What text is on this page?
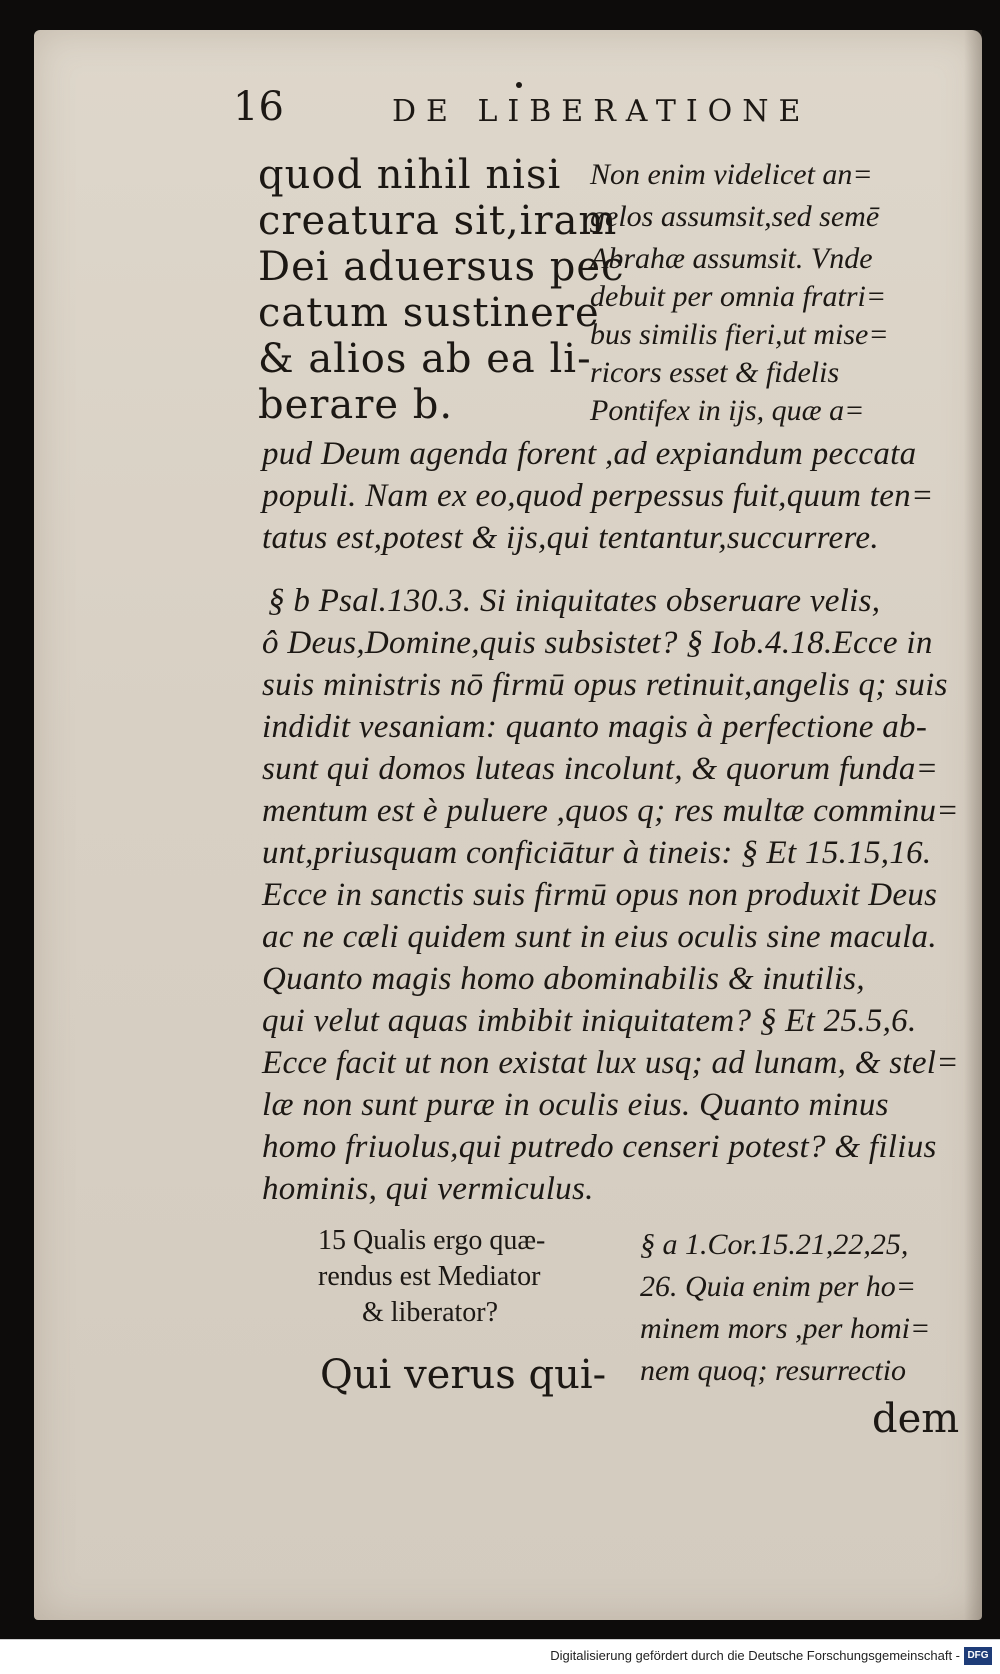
16	DE LIBERATIONE
quod nihil nisi
creatura sit,iram
Dei aduersus pec
catum sustinere
& alios ab ea li-
berare b.
Non enim videlicet an=
gelos assumsit,sed semē
Abrahæ assumsit. Vnde
debuit per omnia fratri=
bus similis fieri,ut mise=
ricors esset & fidelis
Pontifex in ijs, quæ a=
pud Deum agenda forent ,ad expiandum peccata
populi. Nam ex eo,quod perpessus fuit,quum ten=
tatus est,potest & ijs,qui tentantur,succurrere.
§ b Psal.130.3. Si iniquitates obseruare velis,
ô Deus,Domine,quis subsistet? § Iob.4.18.Ecce in
suis ministris nō firmū opus retinuit,angelis q; suis
indidit vesaniam: quanto magis à perfectione ab-
sunt qui domos luteas incolunt, & quorum funda=
mentum est è puluere ,quos q; res multæ comminu=
unt,priusquam conficiātur à tineis: § Et 15.15,16.
Ecce in sanctis suis firmū opus non produxit Deus
ac ne cæli quidem sunt in eius oculis sine macula.
Quanto magis homo abominabilis & inutilis,
qui velut aquas imbibit iniquitatem? § Et 25.5,6.
Ecce facit ut non existat lux usq; ad lunam, & stel=
læ non sunt puræ in oculis eius. Quanto minus
homo friuolus,qui putredo censeri potest? & filius
hominis, qui vermiculus.
15 Qualis ergo quæ-
rendus est Mediator
& liberator?
Qui verus qui-
§ a 1.Cor.15.21,22,25,
26. Quia enim per ho=
minem mors ,per homi=
nem quoq; resurrectio
dem
Digitalisierung gefördert durch die Deutsche Forschungsgemeinschaft - DFG
